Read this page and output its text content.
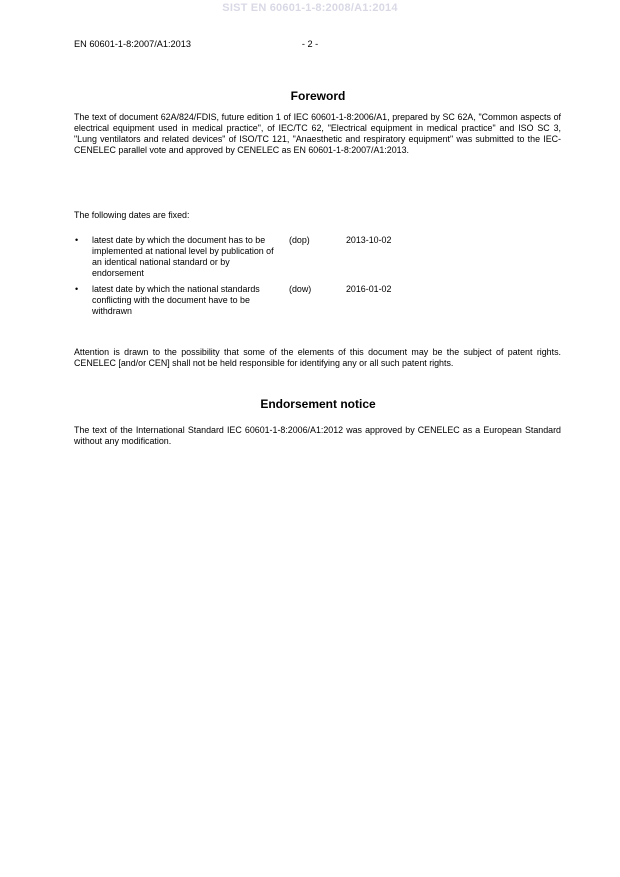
SIST EN 60601-1-8:2008/A1:2014
EN 60601-1-8:2007/A1:2013	- 2 -
Foreword

The text of document 62A/824/FDIS, future edition 1 of IEC 60601-1-8:2006/A1, prepared by SC 62A, "Common aspects of electrical equipment used in medical practice", of IEC/TC 62, "Electrical equipment in medical practice" and ISO SC 3, "Lung ventilators and related devices" of ISO/TC 121, "Anaesthetic and respiratory equipment" was submitted to the IEC-CENELEC parallel vote and approved by CENELEC as EN 60601-1-8:2007/A1:2013.

The following dates are fixed:

• latest date by which the document has to be implemented at national level by publication of an identical national standard or by endorsement

(dop)	2013-10-02
• latest date by which the national standards conflicting with the document have to be withdrawn

(dow)	2016-01-02

Attention is drawn to the possibility that some of the elements of this document may be the subject of patent rights. CENELEC [and/or CEN] shall not be held responsible for identifying any or all such patent rights.

Endorsement notice

The text of the International Standard IEC 60601-1-8:2006/A1:2012 was approved by CENELEC as a European Standard without any modification.
